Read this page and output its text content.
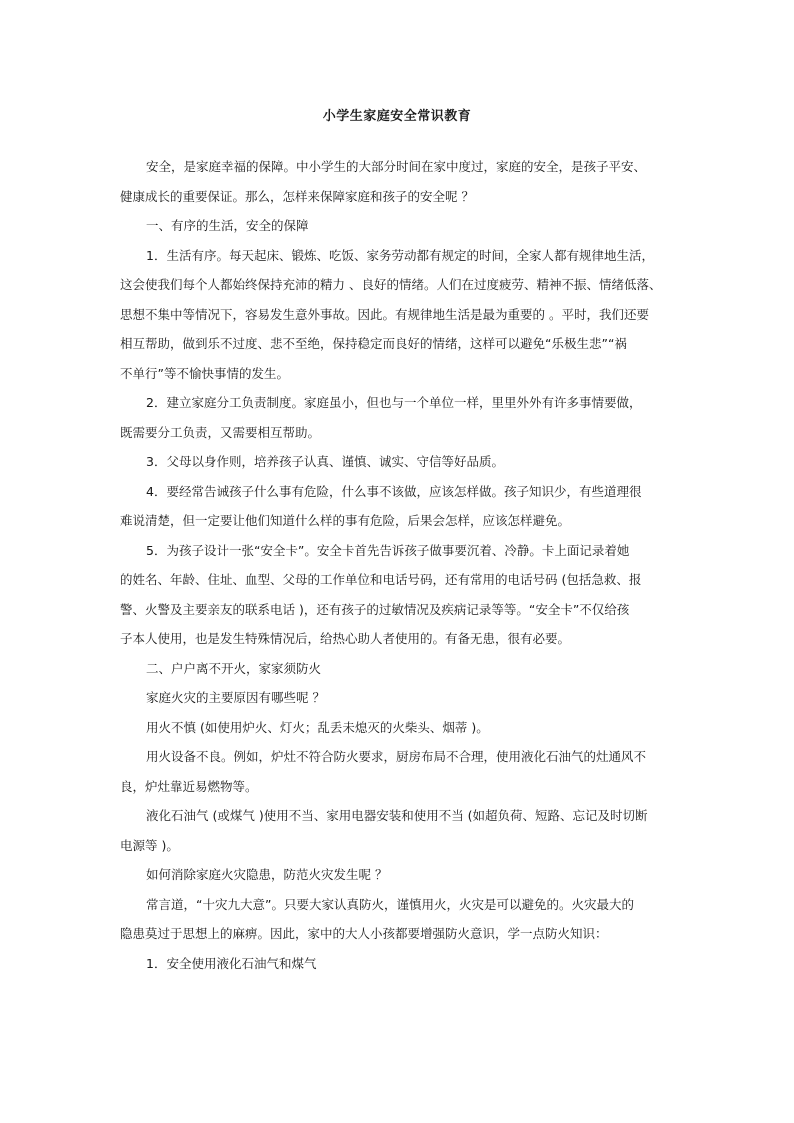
小学生家庭安全常识教育
安全，是家庭幸福的保障。中小学生的大部分时间在家中度过，家庭的安全，是孩子平安、
健康成长的重要保证。那么，怎样来保障家庭和孩子的安全呢 ？
一、有序的生活，安全的保障
1．生活有序。每天起床、锻炼、吃饭、家务劳动都有规定的时间，全家人都有规律地生活，
这会使我们每个人都始终保持充沛的精力 、良好的情绪。人们在过度疲劳、精神不振、情绪低落、
思想不集中等情况下，容易发生意外事故。因此。有规律地生活是最为重要的 。平时，我们还要
相互帮助，做到乐不过度、悲不至绝，保持稳定而良好的情绪，这样可以避免“乐极生悲”“祸
不单行”等不愉快事情的发生。
2．建立家庭分工负责制度。家庭虽小，但也与一个单位一样，里里外外有许多事情要做，
既需要分工负责，又需要相互帮助。
3．父母以身作则，培养孩子认真、谨慎、诚实、守信等好品质。
4．要经常告诫孩子什么事有危险，什么事不该做，应该怎样做。孩子知识少，有些道理很
难说清楚，但一定要让他们知道什么样的事有危险，后果会怎样，应该怎样避免。
5．为孩子设计一张“安全卡”。安全卡首先告诉孩子做事要沉着、冷静。卡上面记录着她
的姓名、年龄、住址、血型、父母的工作单位和电话号码，还有常用的电话号码 (包括急救、报
警、火警及主要亲友的联系电话 )，还有孩子的过敏情况及疾病记录等等。“安全卡”不仅给孩
子本人使用，也是发生特殊情况后，给热心助人者使用的。有备无患，很有必要。
二、户户离不开火，家家须防火
家庭火灾的主要原因有哪些呢 ？
用火不慎 (如使用炉火、灯火；乱丢未熄灭的火柴头、烟蒂 )。
用火设备不良。例如，炉灶不符合防火要求，厨房布局不合理，使用液化石油气的灶通风不
良，炉灶靠近易燃物等。
液化石油气 (或煤气 )使用不当、家用电器安装和使用不当 (如超负荷、短路、忘记及时切断
电源等 )。
如何消除家庭火灾隐患，防范火灾发生呢 ？
常言道，“十灾九大意”。只要大家认真防火，谨慎用火，火灾是可以避免的。火灾最大的
隐患莫过于思想上的麻痹。因此，家中的大人小孩都要增强防火意识，学一点防火知识：
1．安全使用液化石油气和煤气
